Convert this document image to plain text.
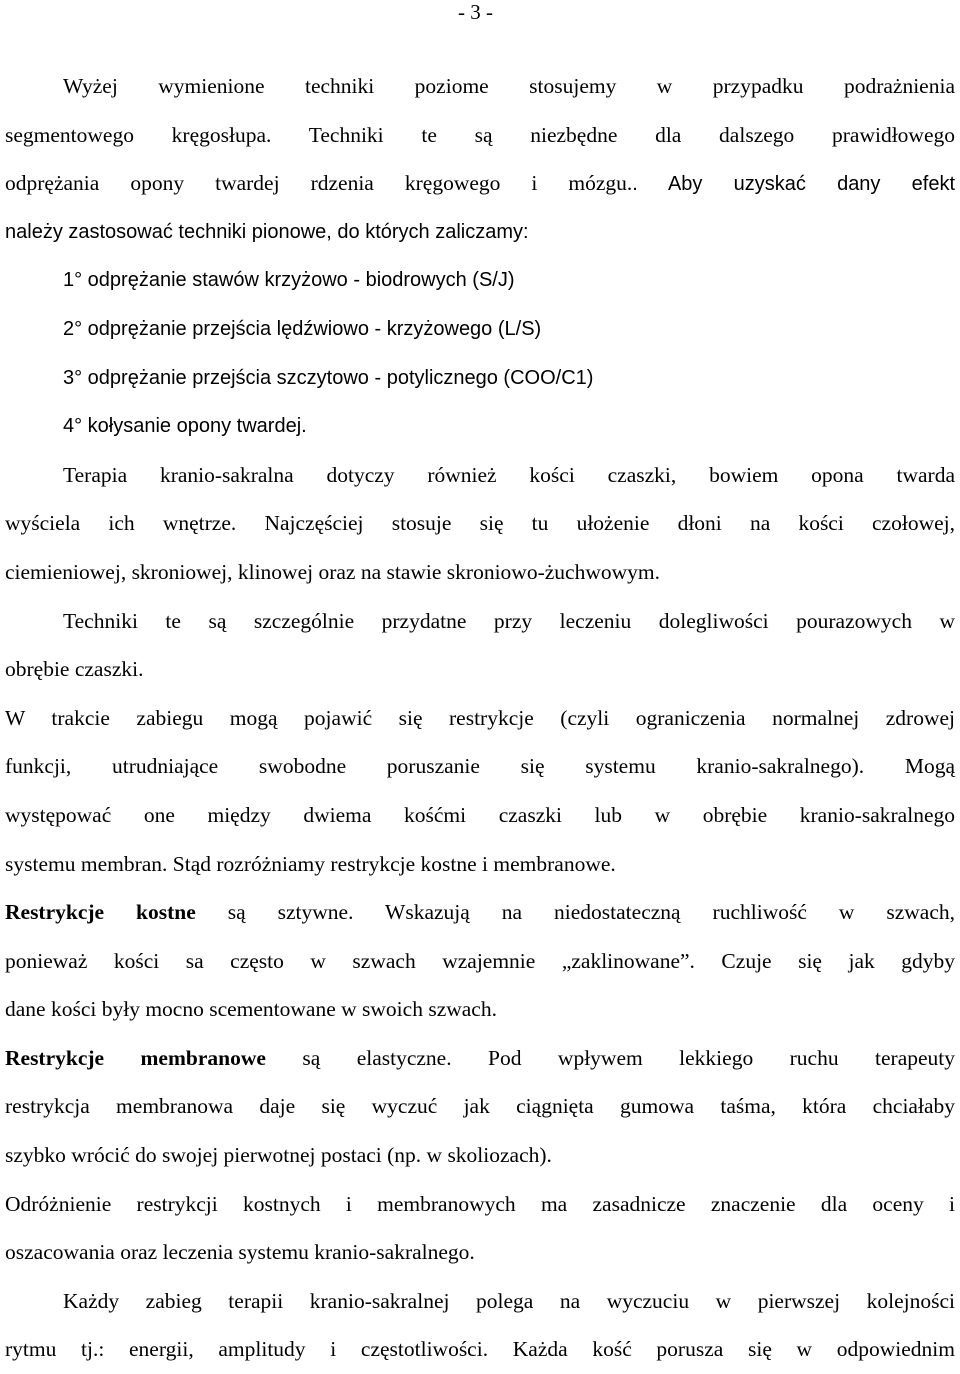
- 3 -
Wyżej wymienione techniki poziome stosujemy w przypadku podrażnienia
segmentowego kręgosłupa. Techniki te są niezbędne dla dalszego prawidłowego
odprężania opony twardej rdzenia kręgowego i mózgu.. Aby uzyskać dany efekt
należy zastosować techniki pionowe, do których zaliczamy:
1° odprężanie stawów krzyżowo - biodrowych (S/J)
2° odprężanie przejścia lędźwiowo - krzyżowego (L/S)
3° odprężanie przejścia szczytowo - potylicznego (COO/C1)
4° kołysanie opony twardej.
Terapia kranio-sakralna dotyczy również kości czaszki, bowiem opona twarda
wyściela ich wnętrze. Najczęściej stosuje się tu ułożenie dłoni na kości czołowej,
ciemieniowej, skroniowej, klinowej oraz na stawie skroniowo-żuchwowym.
Techniki te są szczególnie przydatne przy leczeniu dolegliwości pourazowych w
obrębie czaszki.
W trakcie zabiegu mogą pojawić się restrykcje (czyli ograniczenia normalnej zdrowej
funkcji, utrudniające swobodne poruszanie się systemu kranio-sakralnego). Mogą
występować one między dwiema kośćmi czaszki lub w obrębie kranio-sakralnego
systemu membran. Stąd rozróżniamy restrykcje kostne i membranowe.
Restrykcje kostne są sztywne. Wskazują na niedostateczną ruchliwość w szwach,
ponieważ kości sa często w szwach wzajemnie „zaklinowane”. Czuje się jak gdyby
dane kości były mocno scementowane w swoich szwach.
Restrykcje membranowe są elastyczne. Pod wpływem lekkiego ruchu terapeuty
restrykcja membranowa daje się wyczuć jak ciągnięta gumowa taśma, która chciałaby
szybko wrócić do swojej pierwotnej postaci (np. w skoliozach).
Odróżnienie restrykcji kostnych i membranowych ma zasadnicze znaczenie dla oceny i
oszacowania oraz leczenia systemu kranio-sakralnego.
Każdy zabieg terapii kranio-sakralnej polega na wyczuciu w pierwszej kolejności
rytmu tj.: energii, amplitudy i częstotliwości. Każda kość porusza się w odpowiednim
